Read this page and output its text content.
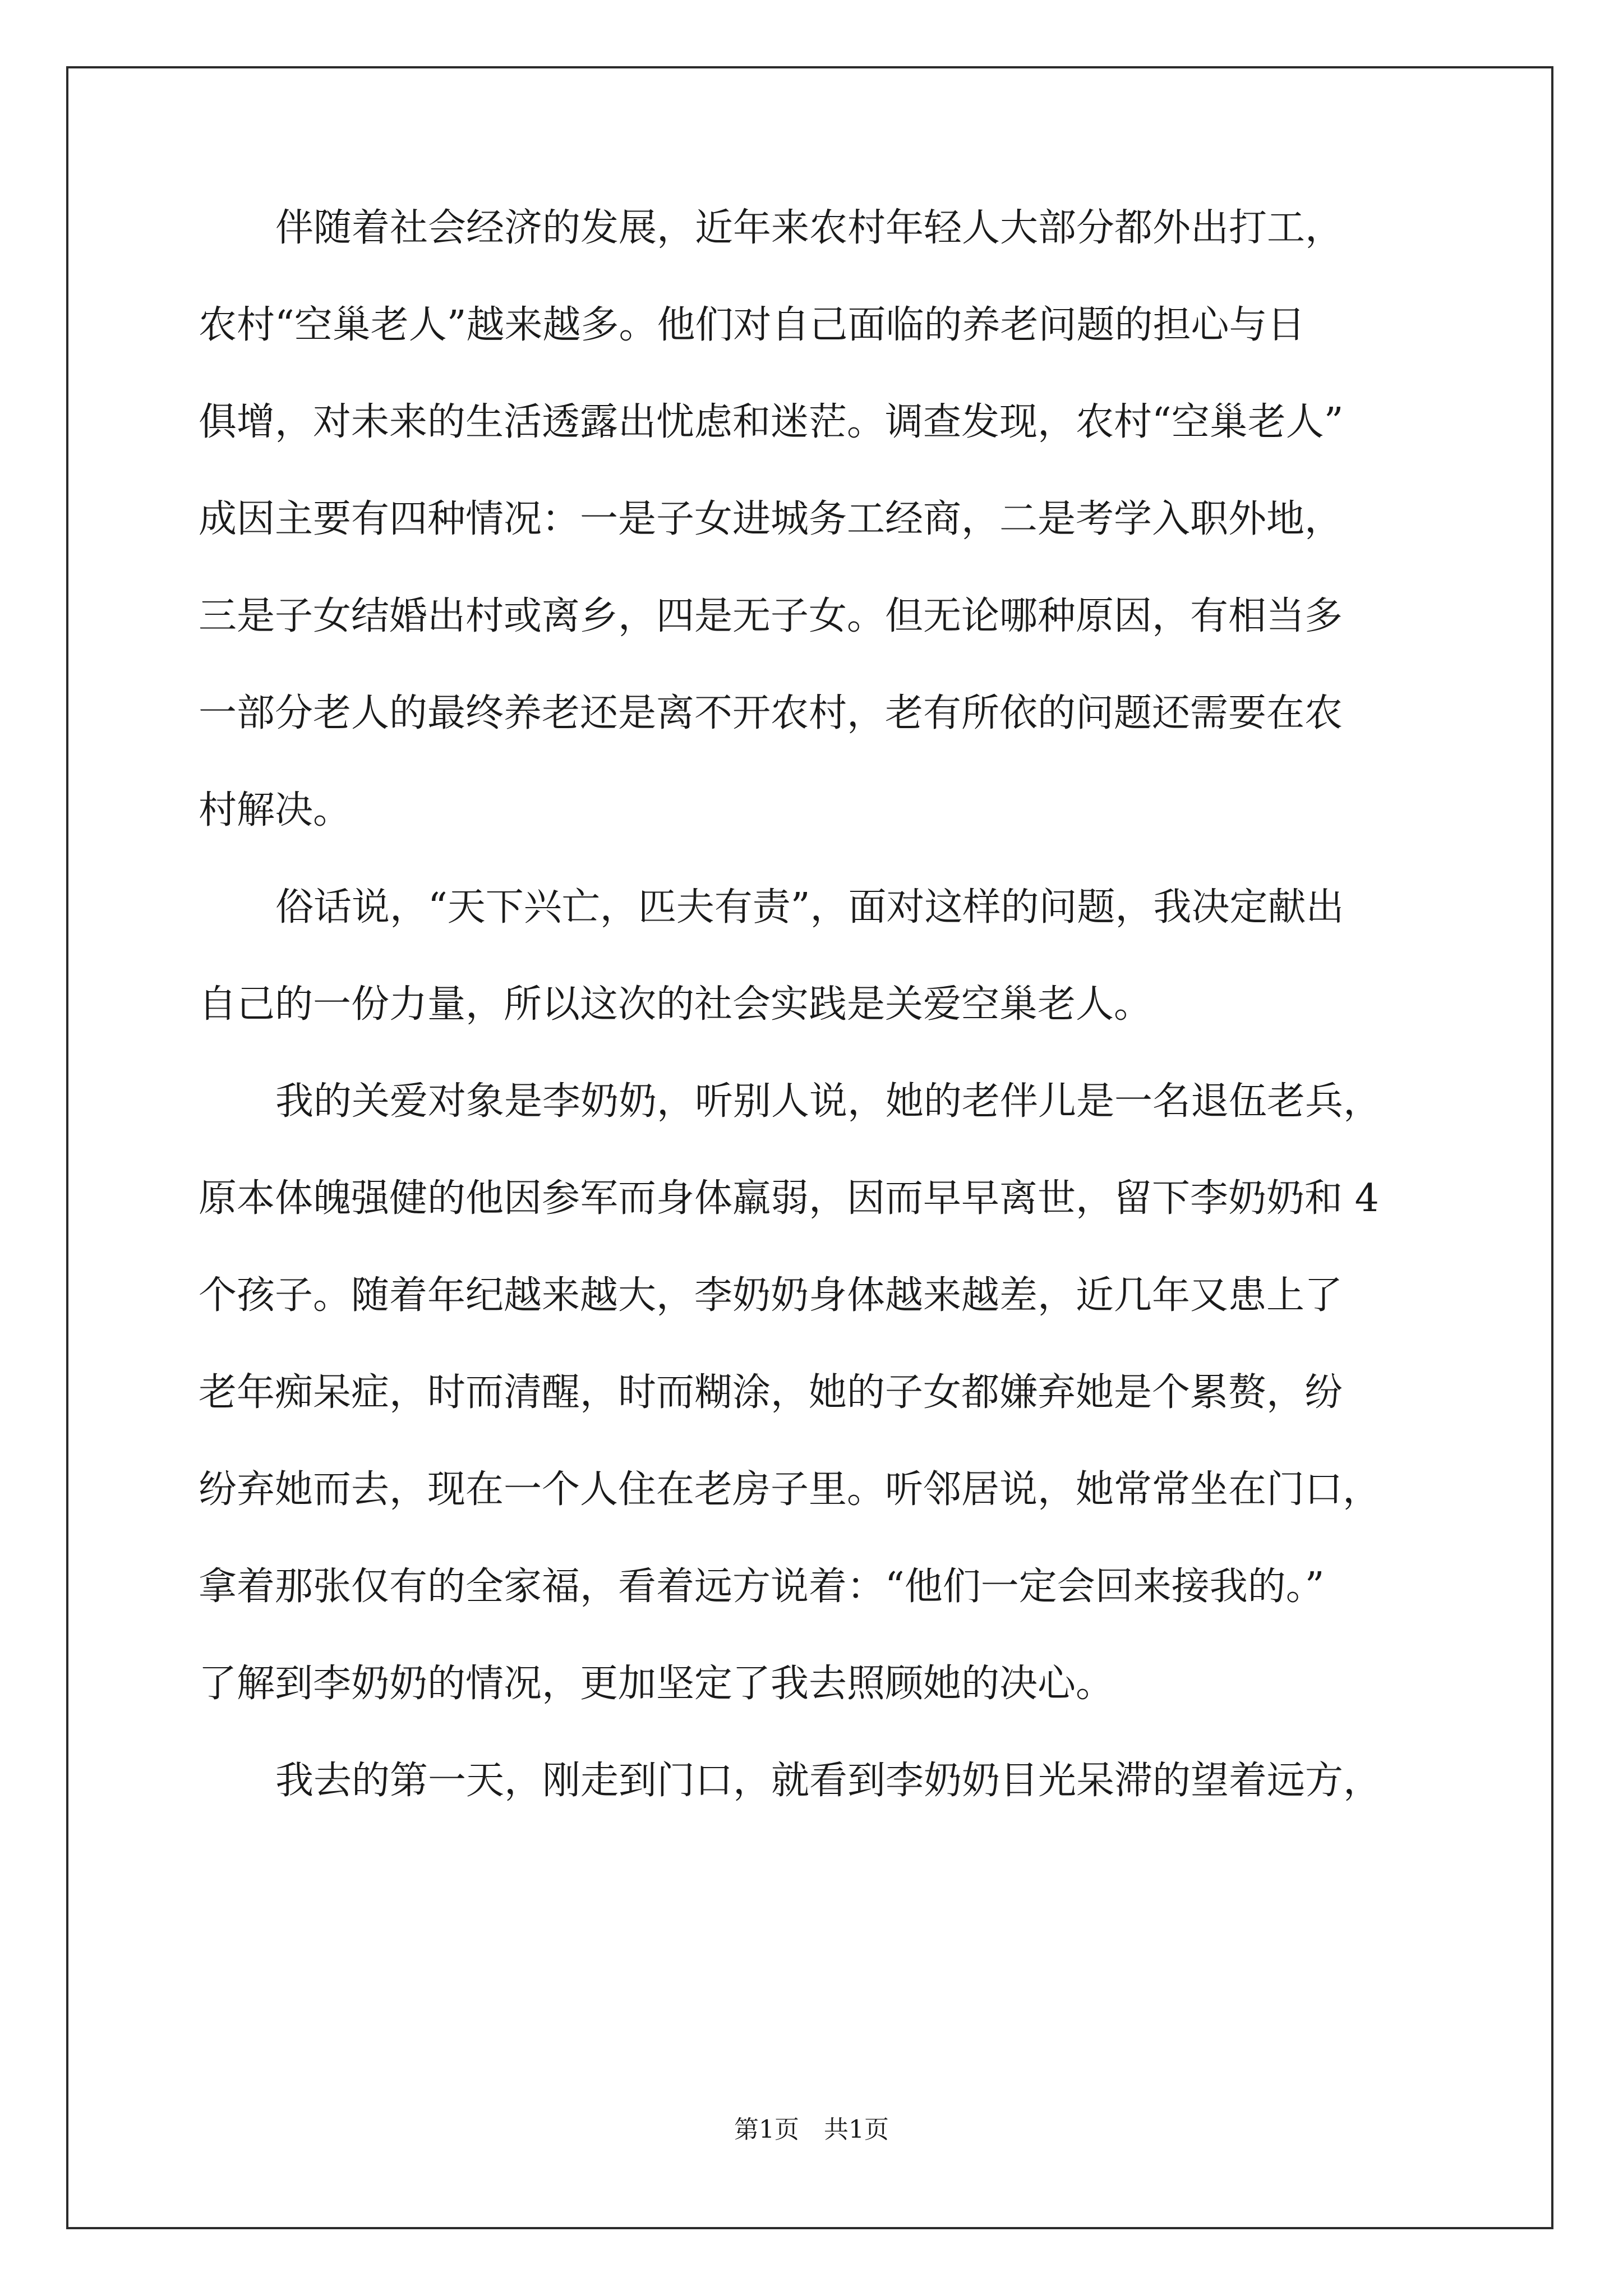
伴随着社会经济的发展，近年来农村年轻人大部分都外出打工，
农村“空巢老人”越来越多。他们对自己面临的养老问题的担心与日
俱增，对未来的生活透露出忧虑和迷茫。调查发现，农村“空巢老人”
成因主要有四种情况：一是子女进城务工经商，二是考学入职外地，
三是子女结婚出村或离乡，四是无子女。但无论哪种原因，有相当多
一部分老人的最终养老还是离不开农村，老有所依的问题还需要在农
村解决。
俗话说，“天下兴亡，匹夫有责”，面对这样的问题，我决定献出
自己的一份力量，所以这次的社会实践是关爱空巢老人。
我的关爱对象是李奶奶，听别人说，她的老伴儿是一名退伍老兵，
原本体魄强健的他因参军而身体羸弱，因而早早离世，留下李奶奶和 4
个孩子。随着年纪越来越大，李奶奶身体越来越差，近几年又患上了
老年痴呆症，时而清醒，时而糊涂，她的子女都嫌弃她是个累赘，纷
纷弃她而去，现在一个人住在老房子里。听邻居说，她常常坐在门口，
拿着那张仅有的全家福，看着远方说着：“他们一定会回来接我的。”
了解到李奶奶的情况，更加坚定了我去照顾她的决心。
我去的第一天，刚走到门口，就看到李奶奶目光呆滞的望着远方，
第1页 共1页
